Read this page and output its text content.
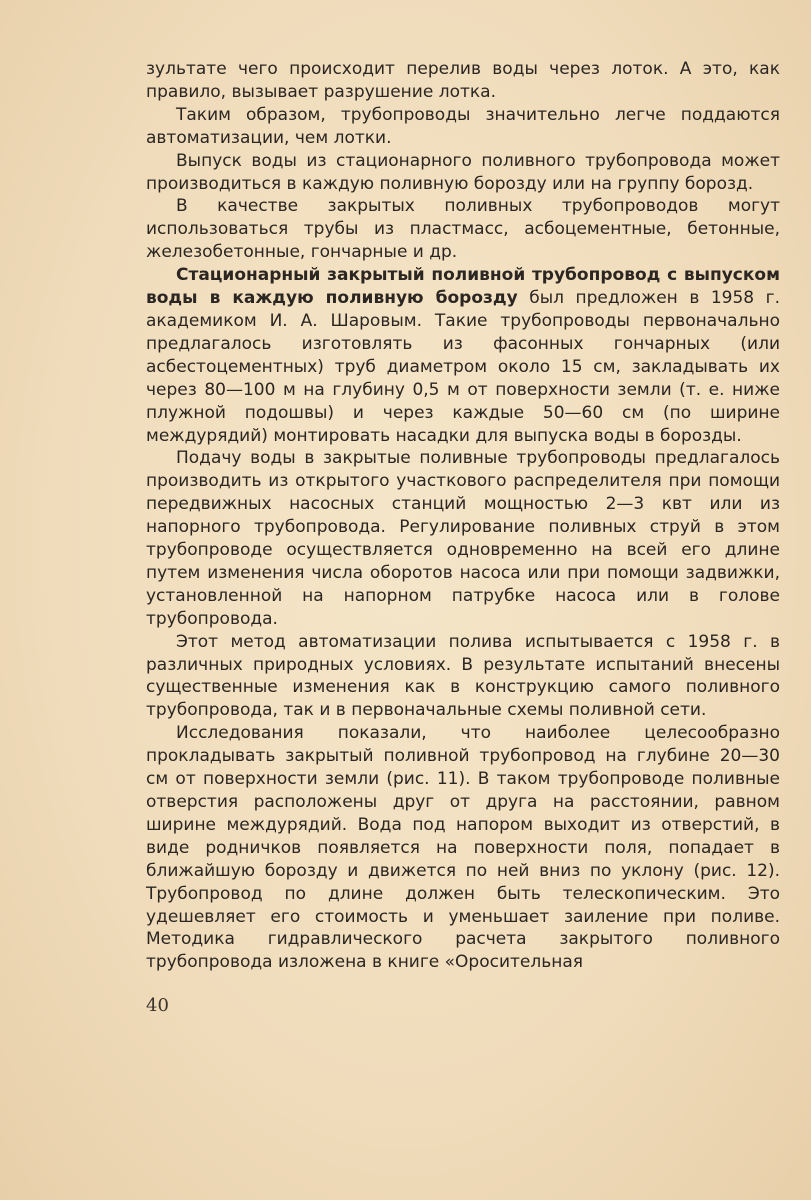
зультате чего происходит перелив воды через лоток. А это, как правило, вызывает разрушение лотка.

Таким образом, трубопроводы значительно легче поддаются автоматизации, чем лотки.

Выпуск воды из стационарного поливного трубопровода может производиться в каждую поливную борозду или на группу борозд.

В качестве закрытых поливных трубопроводов могут использоваться трубы из пластмасс, асбоцементные, бетонные, железобетонные, гончарные и др.

Стационарный закрытый поливной трубопровод с выпуском воды в каждую поливную борозду был предложен в 1958 г. академиком И. А. Шаровым. Такие трубопроводы первоначально предлагалось изготовлять из фасонных гончарных (или асбестоцементных) труб диаметром около 15 см, закладывать их через 80—100 м на глубину 0,5 м от поверхности земли (т. е. ниже плужной подошвы) и через каждые 50—60 см (по ширине междурядий) монтировать насадки для выпуска воды в борозды.

Подачу воды в закрытые поливные трубопроводы предлагалось производить из открытого участкового распределителя при помощи передвижных насосных станций мощностью 2—3 квт или из напорного трубопровода. Регулирование поливных струй в этом трубопроводе осуществляется одновременно на всей его длине путем изменения числа оборотов насоса или при помощи задвижки, установленной на напорном патрубке насоса или в голове трубопровода.

Этот метод автоматизации полива испытывается с 1958 г. в различных природных условиях. В результате испытаний внесены существенные изменения как в конструкцию самого поливного трубопровода, так и в первоначальные схемы поливной сети.

Исследования показали, что наиболее целесообразно прокладывать закрытый поливной трубопровод на глубине 20—30 см от поверхности земли (рис. 11). В таком трубопроводе поливные отверстия расположены друг от друга на расстоянии, равном ширине междурядий. Вода под напором выходит из отверстий, в виде родничков появляется на поверхности поля, попадает в ближайшую борозду и движется по ней вниз по уклону (рис. 12). Трубопровод по длине должен быть телескопическим. Это удешевляет его стоимость и уменьшает заиление при поливе. Методика гидравлического расчета закрытого поливного трубопровода изложена в книге «Оросительная

40
